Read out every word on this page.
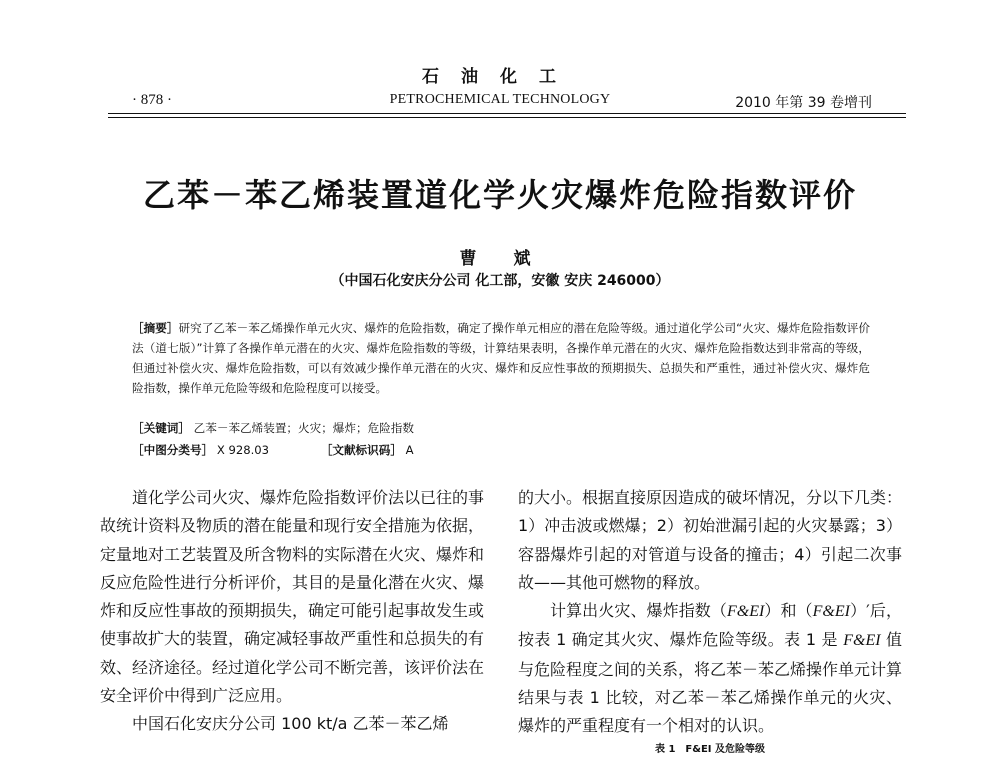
石油化工
· 878 ·	PETROCHEMICAL TECHNOLOGY	2010 年第 39 卷增刊
乙苯－苯乙烯装置道化学火灾爆炸危险指数评价
曹　斌
（中国石化安庆分公司 化工部，安徽 安庆 246000）
［摘要］研究了乙苯－苯乙烯操作单元火灾、爆炸的危险指数，确定了操作单元相应的潜在危险等级。通过道化学公司“火灾、爆炸危险指数评价法（道七版）”计算了各操作单元潜在的火灾、爆炸危险指数的等级，计算结果表明，各操作单元潜在的火灾、爆炸危险指数达到非常高的等级，但通过补偿火灾、爆炸危险指数，可以有效减少操作单元潜在的火灾、爆炸和反应性事故的预期损失、总损失和严重性，通过补偿火灾、爆炸危险指数，操作单元危险等级和危险程度可以接受。
［关键词］ 乙苯－苯乙烯装置；火灾；爆炸；危险指数
［中图分类号］ X 928.03	［文献标识码］ A

道化学公司火灾、爆炸危险指数评价法以已往的事故统计资料及物质的潜在能量和现行安全措施为依据，定量地对工艺装置及所含物料的实际潜在火灾、爆炸和反应危险性进行分析评价，其目的是量化潜在火灾、爆炸和反应性事故的预期损失，确定可能引起事故发生或使事故扩大的装置，确定减轻事故严重性和总损失的有效、经济途径。经过道化学公司不断完善，该评价法在安全评价中得到广泛应用。

中国石化安庆分公司 100 kt/a 乙苯－苯乙烯

的大小。根据直接原因造成的破坏情况，分以下几类：1）冲击波或燃爆；2）初始泄漏引起的火灾暴露；3）容器爆炸引起的对管道与设备的撞击；4）引起二次事故——其他可燃物的释放。

计算出火灾、爆炸指数（F&EI）和（F&EI）′后，按表 1 确定其火灾、爆炸危险等级。表 1 是 F&EI 值与危险程度之间的关系，将乙苯－苯乙烯操作单元计算结果与表 1 比较，对乙苯－苯乙烯操作单元的火灾、爆炸的严重程度有一个相对的认识。

表 1　F&EI 及危险等级
